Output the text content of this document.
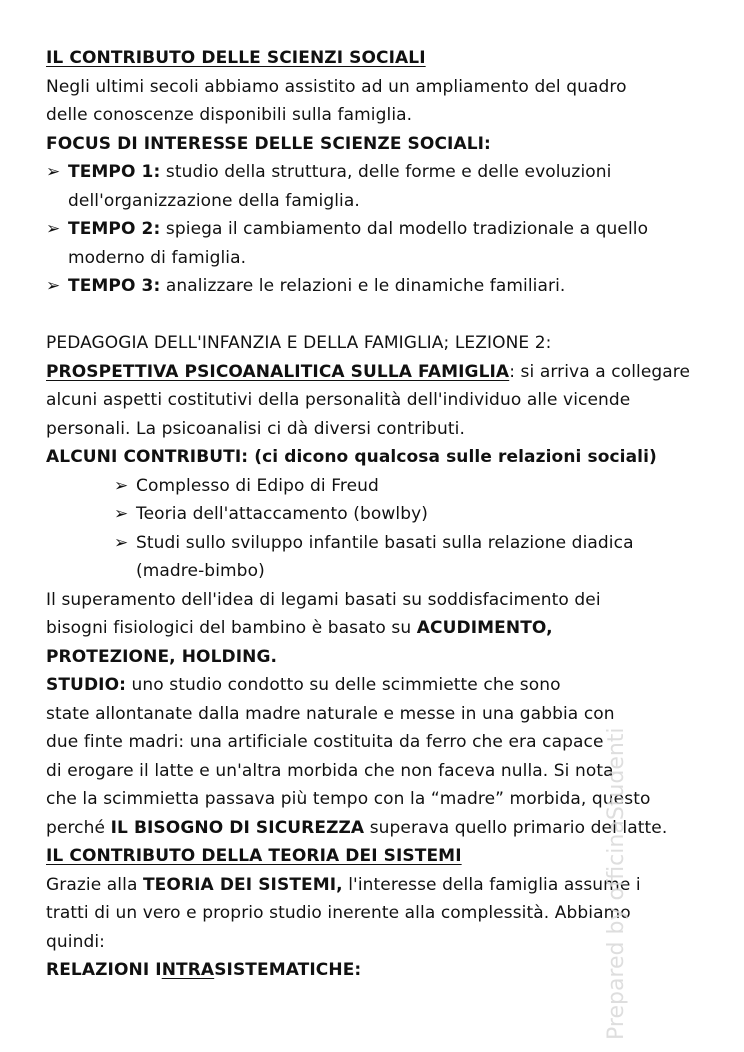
IL CONTRIBUTO DELLE SCIENZI SOCIALI
Negli ultimi secoli abbiamo assistito ad un ampliamento del quadro
delle conoscenze disponibili sulla famiglia.
FOCUS DI INTERESSE DELLE SCIENZE SOCIALI:
➢ TEMPO 1: studio della struttura, delle forme e delle evoluzioni
dell'organizzazione della famiglia.
➢ TEMPO 2: spiega il cambiamento dal modello tradizionale a quello
moderno di famiglia.
➢ TEMPO 3: analizzare le relazioni e le dinamiche familiari.
PEDAGOGIA DELL'INFANZIA E DELLA FAMIGLIA; LEZIONE 2:
PROSPETTIVA PSICOANALITICA SULLA FAMIGLIA: si arriva a collegare
alcuni aspetti costitutivi della personalità dell'individuo alle vicende
personali. La psicoanalisi ci dà diversi contributi.
ALCUNI CONTRIBUTI: (ci dicono qualcosa sulle relazioni sociali)
➢ Complesso di Edipo di Freud
➢ Teoria dell'attaccamento (bowlby)
➢ Studi sullo sviluppo infantile basati sulla relazione diadica
(madre-bimbo)
Il superamento dell'idea di legami basati su soddisfacimento dei
bisogni fisiologici del bambino è basato su ACUDIMENTO,
PROTEZIONE, HOLDING.
STUDIO: uno studio condotto su delle scimmiette che sono
state allontanate dalla madre naturale e messe in una gabbia con
due finte madri: una artificiale costituita da ferro che era capace
di erogare il latte e un'altra morbida che non faceva nulla. Si nota
che la scimmietta passava più tempo con la “madre” morbida, questo
perché IL BISOGNO DI SICUREZZA superava quello primario del latte.
IL CONTRIBUTO DELLA TEORIA DEI SISTEMI
Grazie alla TEORIA DEI SISTEMI, l'interesse della famiglia assume i
tratti di un vero e proprio studio inerente alla complessità. Abbiamo
quindi:
RELAZIONI INTRASISTEMATICHE:	Prepared by officinaStudenti
